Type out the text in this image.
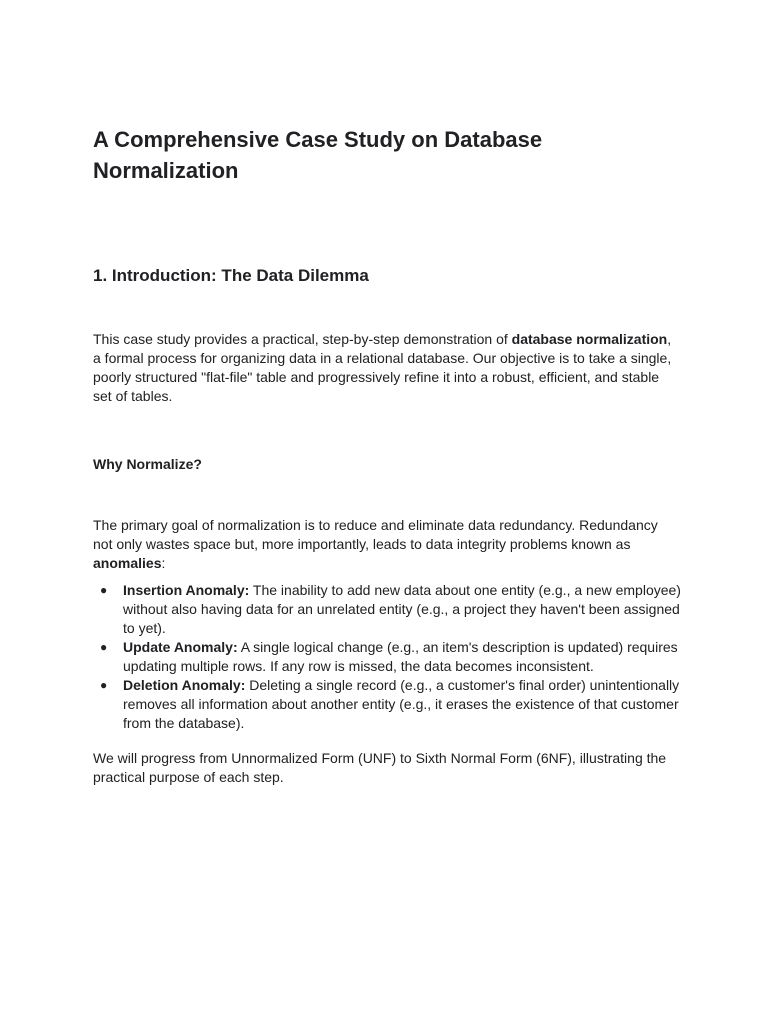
A Comprehensive Case Study on Database Normalization
1. Introduction: The Data Dilemma

This case study provides a practical, step-by-step demonstration of database normalization, a formal process for organizing data in a relational database. Our objective is to take a single, poorly structured "flat-file" table and progressively refine it into a robust, efficient, and stable set of tables.

Why Normalize?

The primary goal of normalization is to reduce and eliminate data redundancy. Redundancy not only wastes space but, more importantly, leads to data integrity problems known as anomalies:

● Insertion Anomaly: The inability to add new data about one entity (e.g., a new employee) without also having data for an unrelated entity (e.g., a project they haven't been assigned to yet).
● Update Anomaly: A single logical change (e.g., an item's description is updated) requires updating multiple rows. If any row is missed, the data becomes inconsistent.
● Deletion Anomaly: Deleting a single record (e.g., a customer's final order) unintentionally removes all information about another entity (e.g., it erases the existence of that customer from the database).

We will progress from Unnormalized Form (UNF) to Sixth Normal Form (6NF), illustrating the practical purpose of each step.
